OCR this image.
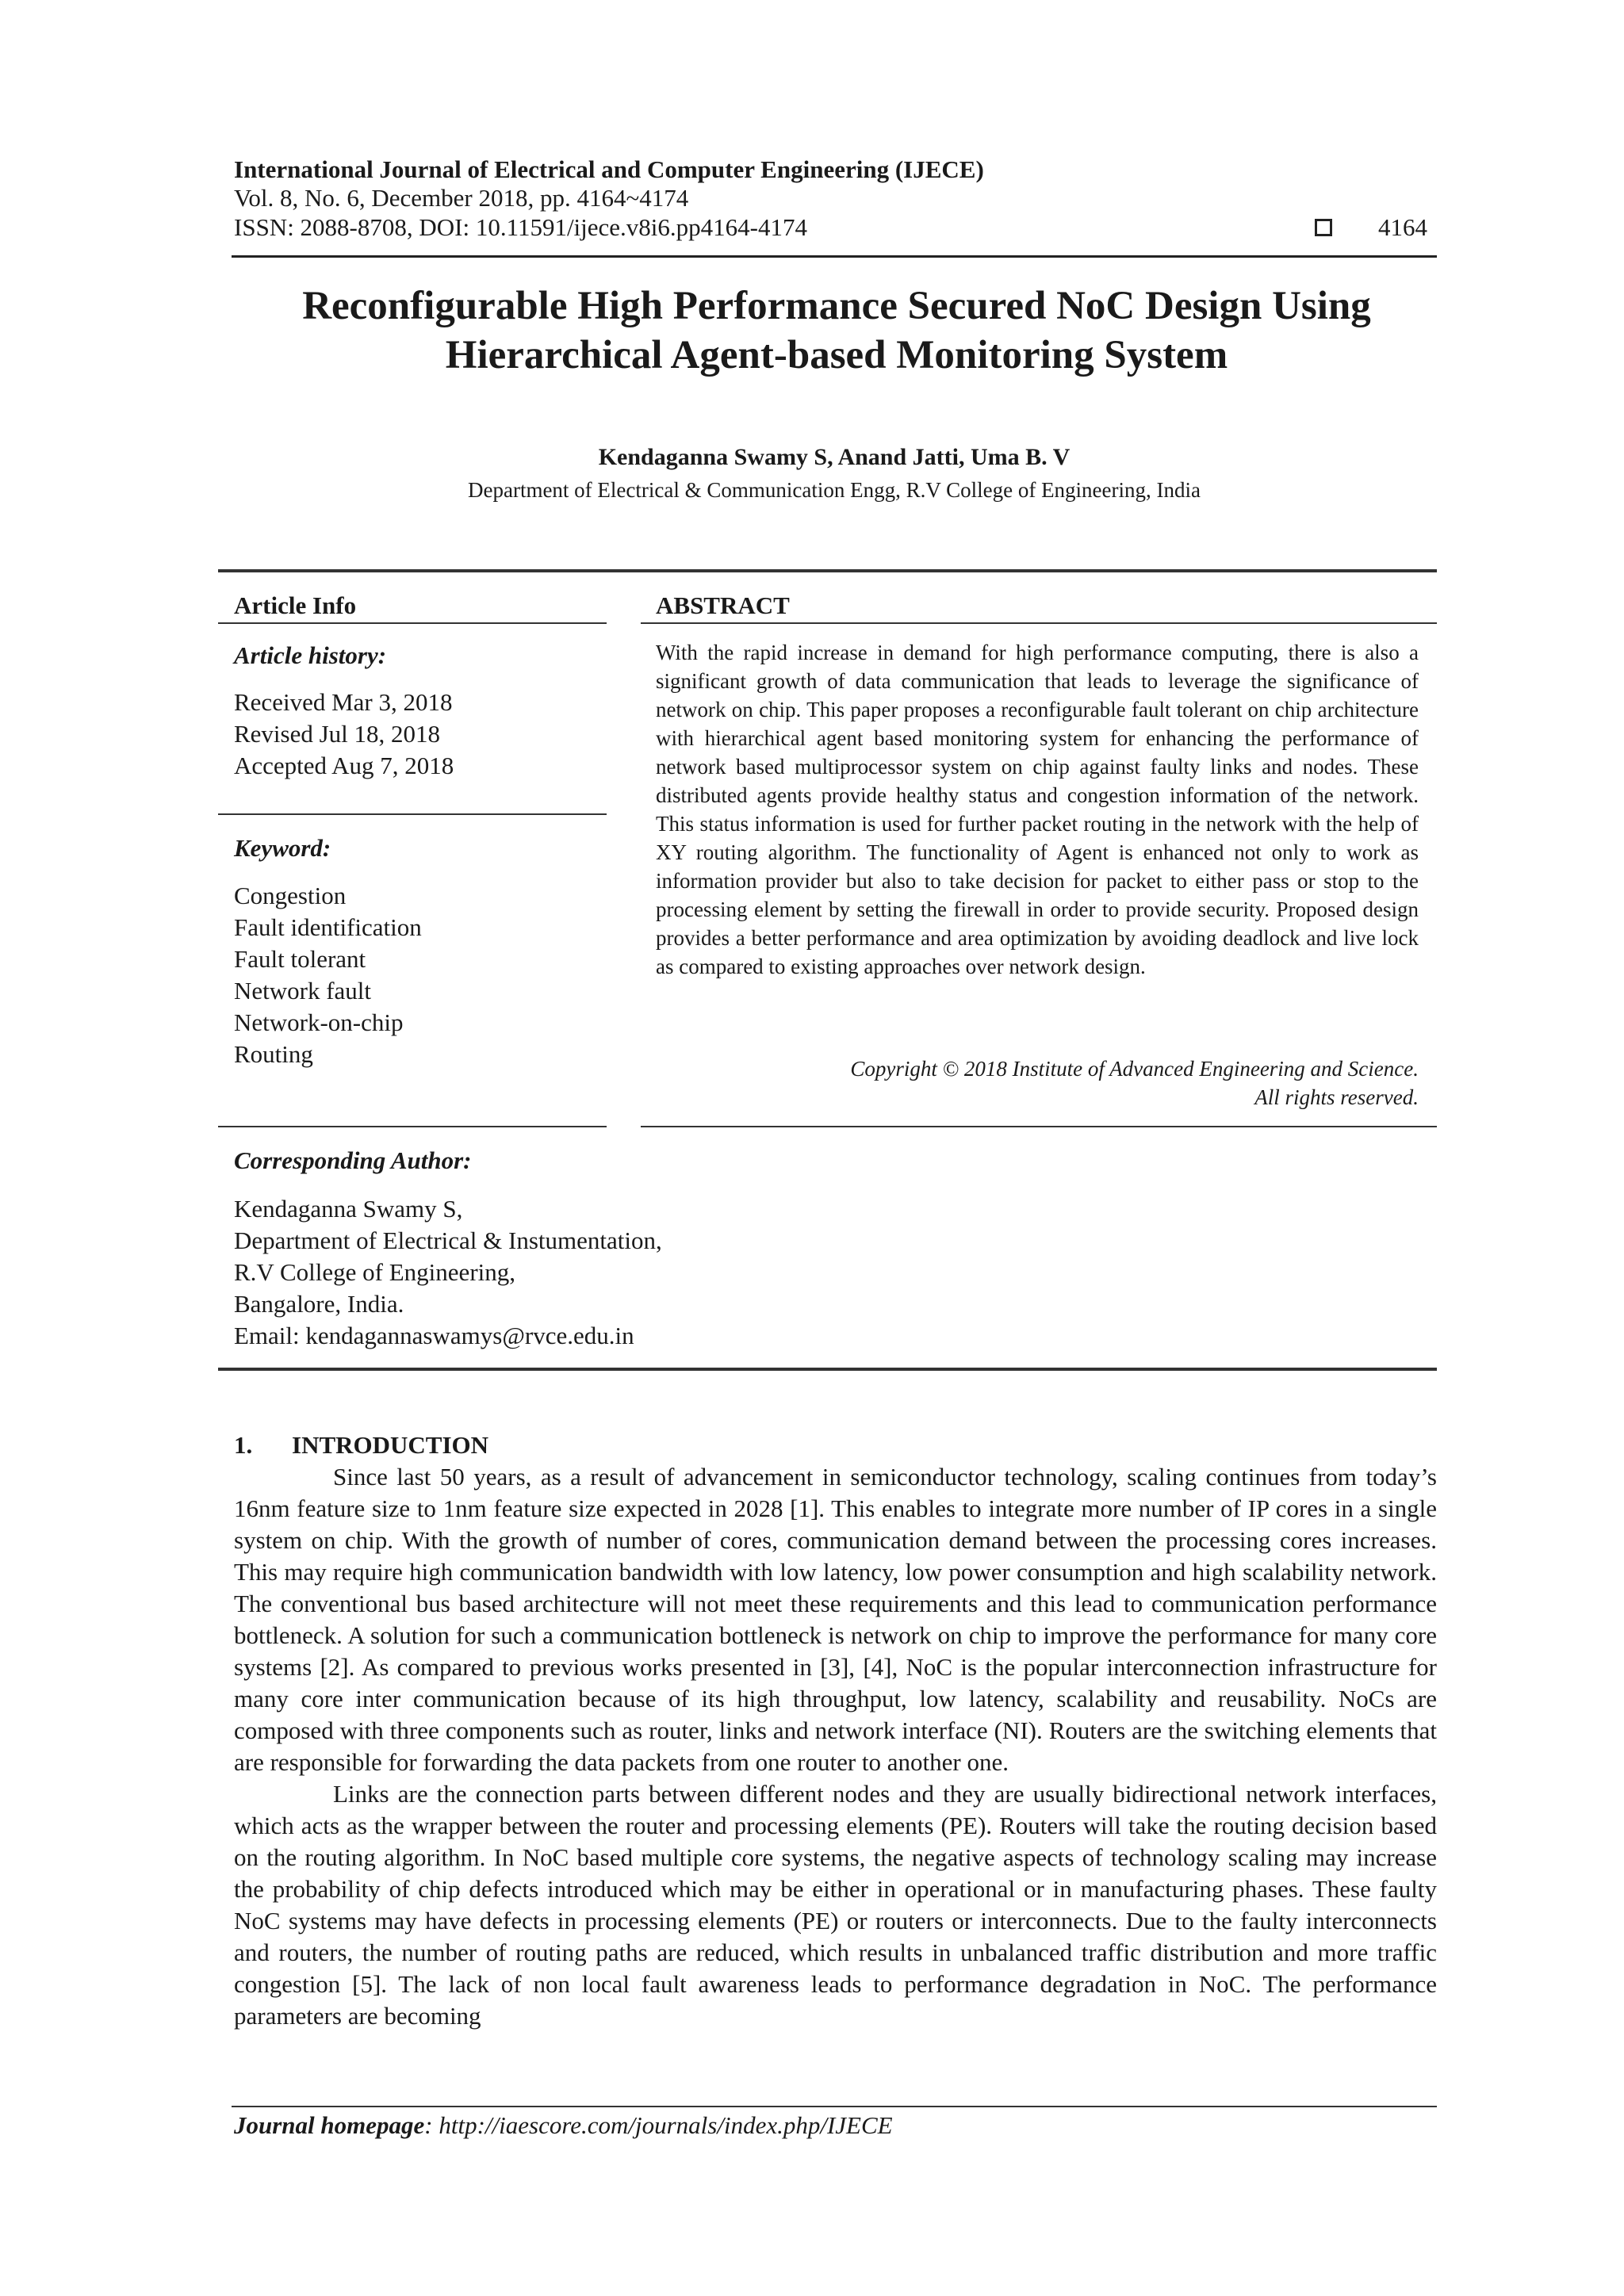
International Journal of Electrical and Computer Engineering (IJECE)
Vol. 8, No. 6, December 2018, pp. 4164~4174
ISSN: 2088-8708, DOI: 10.11591/ijece.v8i6.pp4164-4174	4164
Reconfigurable High Performance Secured NoC Design Using
Hierarchical Agent-based Monitoring System
Kendaganna Swamy S, Anand Jatti, Uma B. V
Department of Electrical & Communication Engg, R.V College of Engineering, India
Article Info
Article history:
Received Mar 3, 2018
Revised Jul 18, 2018
Accepted Aug 7, 2018
Keyword:
Congestion
Fault identification
Fault tolerant
Network fault
Network-on-chip
Routing
ABSTRACT
With the rapid increase in demand for high performance computing, there is also a significant growth of data communication that leads to leverage the significance of network on chip. This paper proposes a reconfigurable fault tolerant on chip architecture with hierarchical agent based monitoring system for enhancing the performance of network based multiprocessor system on chip against faulty links and nodes. These distributed agents provide healthy status and congestion information of the network. This status information is used for further packet routing in the network with the help of XY routing algorithm. The functionality of Agent is enhanced not only to work as information provider but also to take decision for packet to either pass or stop to the processing element by setting the firewall in order to provide security. Proposed design provides a better performance and area optimization by avoiding deadlock and live lock as compared to existing approaches over network design.
Copyright © 2018 Institute of Advanced Engineering and Science.
All rights reserved.
Corresponding Author:
Kendaganna Swamy S,
Department of Electrical & Instumentation,
R.V College of Engineering,
Bangalore, India.
Email: kendagannaswamys@rvce.edu.in
1. INTRODUCTION

Since last 50 years, as a result of advancement in semiconductor technology, scaling continues from today’s 16nm feature size to 1nm feature size expected in 2028 [1]. This enables to integrate more number of IP cores in a single system on chip. With the growth of number of cores, communication demand between the processing cores increases. This may require high communication bandwidth with low latency, low power consumption and high scalability network. The conventional bus based architecture will not meet these requirements and this lead to communication performance bottleneck. A solution for such a communication bottleneck is network on chip to improve the performance for many core systems [2]. As compared to previous works presented in [3], [4], NoC is the popular interconnection infrastructure for many core inter communication because of its high throughput, low latency, scalability and reusability. NoCs are composed with three components such as router, links and network interface (NI). Routers are the switching elements that are responsible for forwarding the data packets from one router to another one.

Links are the connection parts between different nodes and they are usually bidirectional network interfaces, which acts as the wrapper between the router and processing elements (PE). Routers will take the routing decision based on the routing algorithm. In NoC based multiple core systems, the negative aspects of technology scaling may increase the probability of chip defects introduced which may be either in operational or in manufacturing phases. These faulty NoC systems may have defects in processing elements (PE) or routers or interconnects. Due to the faulty interconnects and routers, the number of routing paths are reduced, which results in unbalanced traffic distribution and more traffic congestion [5]. The lack of non local fault awareness leads to performance degradation in NoC. The performance parameters are becoming

Journal homepage: http://iaescore.com/journals/index.php/IJECE
